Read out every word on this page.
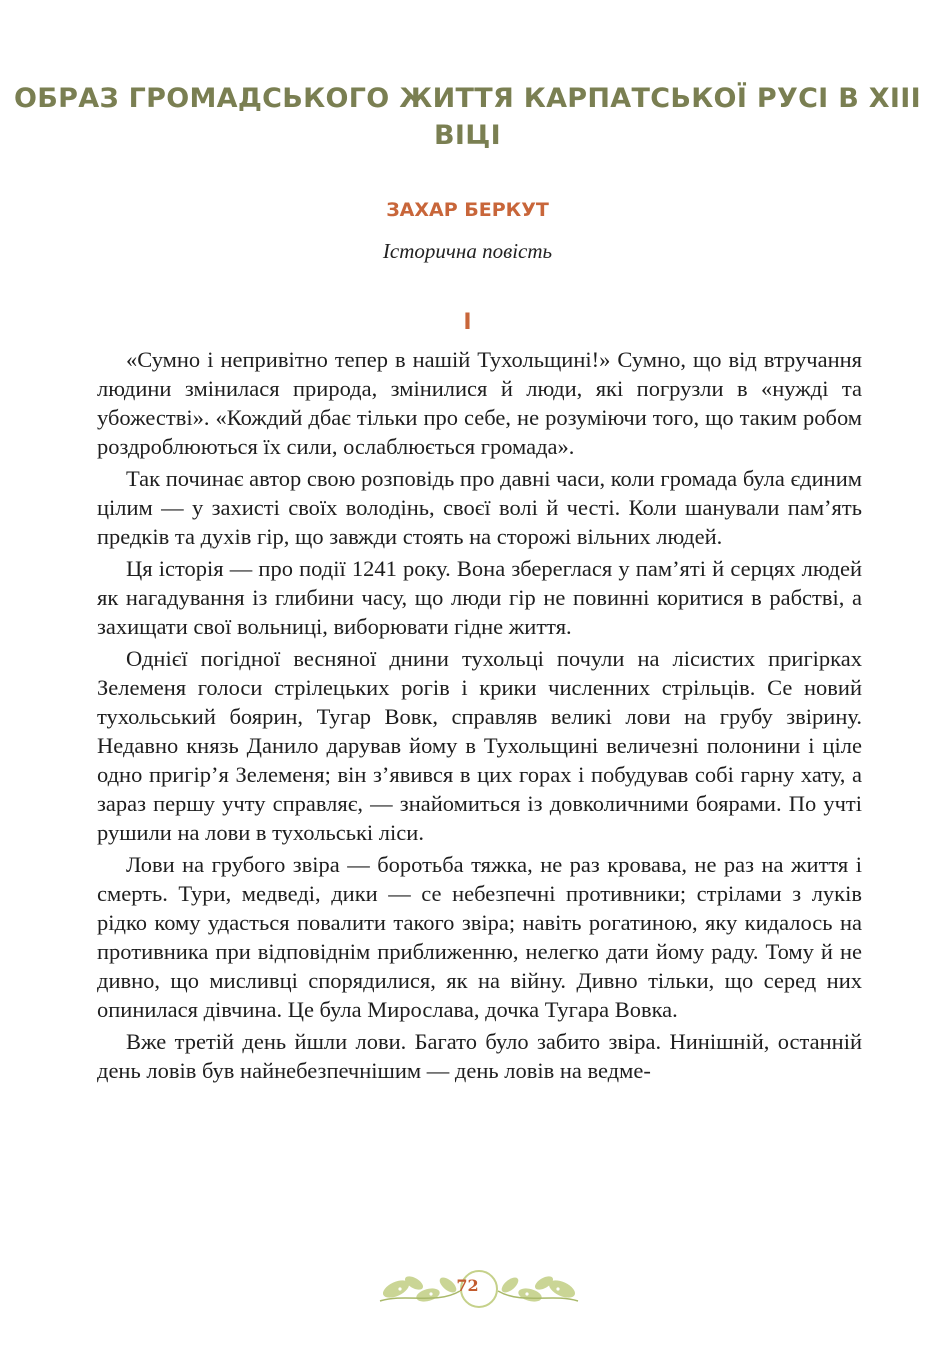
ОБРАЗ ГРОМАДСЬКОГО ЖИТТЯ КАРПАТСЬКОЇ РУСІ В ХІІІ ВІЦІ
ЗАХАР БЕРКУТ
Історична повість
I

«Сумно і непривітно тепер в нашій Тухольщині!» Сумно, що від втручання людини змінилася природа, змінилися й люди, які погрузли в «нужді та убожестві». «Кождий дбає тільки про себе, не розуміючи того, що таким робом роздроблюються їх сили, ослаблюється громада».

Так починає автор свою розповідь про давні часи, коли громада була єдиним цілим — у захисті своїх володінь, своєї волі й честі. Коли шанували пам’ять предків та духів гір, що завжди стоять на сторожі вільних людей.

Ця історія — про події 1241 року. Вона збереглася у пам’яті й серцях людей як нагадування із глибини часу, що люди гір не повинні коритися в рабстві, а захищати свої вольниці, виборювати гідне життя.

Однієї погідної весняної днини тухольці почули на лісистих пригірках Зелеменя голоси стрілецьких рогів і крики численних стрільців. Се новий тухольський боярин, Тугар Вовк, справляв великі лови на грубу звірину. Недавно князь Данило дарував йому в Тухольщині величезні полонини і ціле одно пригір’я Зелеменя; він з’явився в цих горах і побудував собі гарну хату, а зараз першу учту справляє, — знайомиться із довколичними боярами. По учті рушили на лови в тухольські ліси.

Лови на грубого звіра — боротьба тяжка, не раз кровава, не раз на життя і смерть. Тури, медведі, дики — се небезпечні противники; стрілами з луків рідко кому удасться повалити такого звіра; навіть рогатиною, яку кидалось на противника при відповіднім приближенню, нелегко дати йому раду. Тому й не дивно, що мисливці спорядилися, як на війну. Дивно тільки, що серед них опинилася дівчина. Це була Мирослава, дочка Тугара Вовка.

Вже третій день йшли лови. Багато було забито звіра. Нинішній, останній день ловів був найнебезпечнішим — день ловів на ведме-

72
